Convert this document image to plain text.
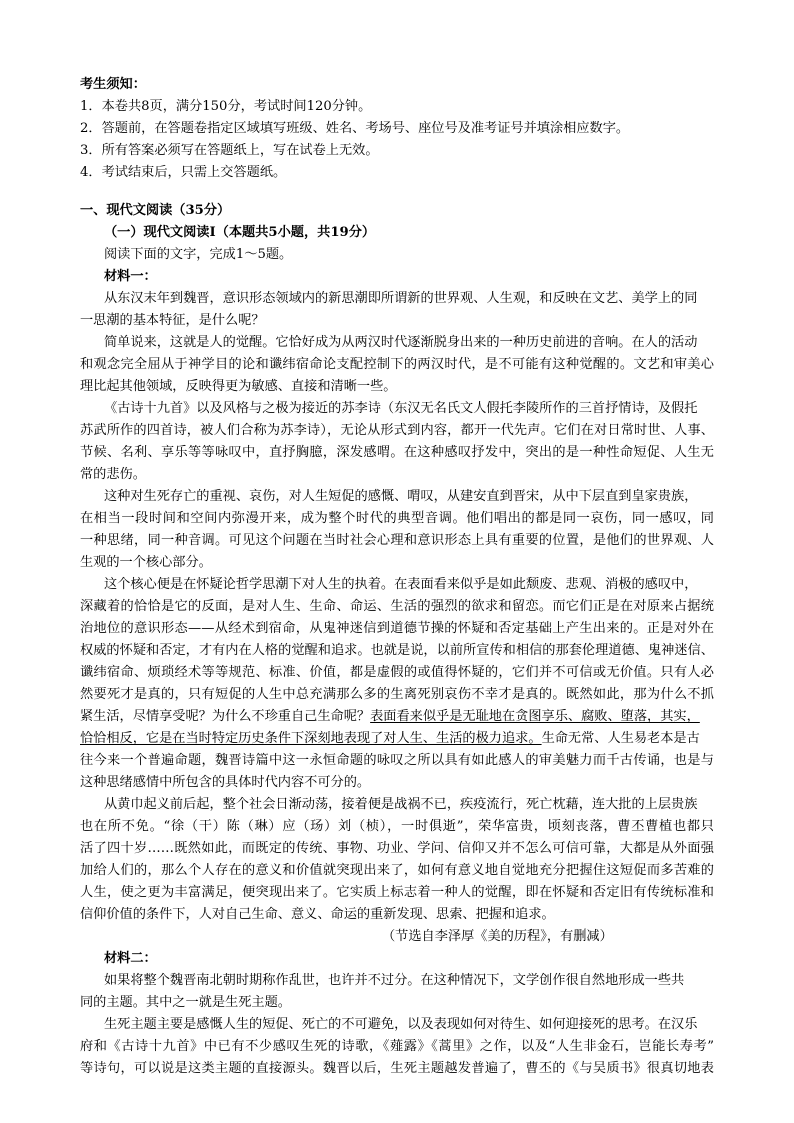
考生须知：
1．本卷共8页，满分150分，考试时间120分钟。
2．答题前，在答题卷指定区域填写班级、姓名、考场号、座位号及准考证号并填涂相应数字。
3．所有答案必须写在答题纸上，写在试卷上无效。
4．考试结束后，只需上交答题纸。
一、现代文阅读（35分）
（一）现代文阅读Ⅰ（本题共5小题，共19分）
阅读下面的文字，完成1～5题。
材料一：
从东汉末年到魏晋，意识形态领域内的新思潮即所谓新的世界观、人生观，和反映在文艺、美学上的同
一思潮的基本特征，是什么呢？
简单说来，这就是人的觉醒。它恰好成为从两汉时代逐渐脱身出来的一种历史前进的音响。在人的活动
和观念完全屈从于神学目的论和谶纬宿命论支配控制下的两汉时代，是不可能有这种觉醒的。文艺和审美心
理比起其他领域，反映得更为敏感、直接和清晰一些。
《古诗十九首》以及风格与之极为接近的苏李诗（东汉无名氏文人假托李陵所作的三首抒情诗，及假托
苏武所作的四首诗，被人们合称为苏李诗），无论从形式到内容，都开一代先声。它们在对日常时世、人事、
节候、名利、享乐等等咏叹中，直抒胸臆，深发感喟。在这种感叹抒发中，突出的是一种性命短促、人生无
常的悲伤。
这种对生死存亡的重视、哀伤，对人生短促的感慨、喟叹，从建安直到晋宋，从中下层直到皇家贵族，
在相当一段时间和空间内弥漫开来，成为整个时代的典型音调。他们唱出的都是同一哀伤，同一感叹，同
一种思绪，同一种音调。可见这个问题在当时社会心理和意识形态上具有重要的位置，是他们的世界观、人
生观的一个核心部分。
这个核心便是在怀疑论哲学思潮下对人生的执着。在表面看来似乎是如此颓废、悲观、消极的感叹中，
深藏着的恰恰是它的反面，是对人生、生命、命运、生活的强烈的欲求和留恋。而它们正是在对原来占据统
治地位的意识形态——从经术到宿命，从鬼神迷信到道德节操的怀疑和否定基础上产生出来的。正是对外在
权威的怀疑和否定，才有内在人格的觉醒和追求。也就是说，以前所宣传和相信的那套伦理道德、鬼神迷信、
谶纬宿命、烦琐经术等等规范、标准、价值，都是虚假的或值得怀疑的，它们并不可信或无价值。只有人必
然要死才是真的，只有短促的人生中总充满那么多的生离死别哀伤不幸才是真的。既然如此，那为什么不抓
紧生活，尽情享受呢？为什么不珍重自己生命呢？表面看来似乎是无耻地在贪图享乐、腐败、堕落，其实，
恰恰相反，它是在当时特定历史条件下深刻地表现了对人生、生活的极力追求。生命无常、人生易老本是古
往今来一个普遍命题，魏晋诗篇中这一永恒命题的咏叹之所以具有如此感人的审美魅力而千古传诵，也是与
这种思绪感情中所包含的具体时代内容不可分的。
从黄巾起义前后起，整个社会日渐动荡，接着便是战祸不已，疾疫流行，死亡枕藉，连大批的上层贵族
也在所不免。“徐（干）陈（琳）应（玚）刘（桢），一时俱逝”，荣华富贵，顷刻丧落，曹丕曹植也都只
活了四十岁……既然如此，而既定的传统、事物、功业、学问、信仰又并不怎么可信可靠，大都是从外面强
加给人们的，那么个人存在的意义和价值就突现出来了，如何有意义地自觉地充分把握住这短促而多苦难的
人生，使之更为丰富满足，便突现出来了。它实质上标志着一种人的觉醒，即在怀疑和否定旧有传统标准和
信仰价值的条件下，人对自己生命、意义、命运的重新发现、思索、把握和追求。
（节选自李泽厚《美的历程》，有删减）
材料二：
如果将整个魏晋南北朝时期称作乱世，也许并不过分。在这种情况下，文学创作很自然地形成一些共
同的主题。其中之一就是生死主题。
生死主题主要是感慨人生的短促、死亡的不可避免，以及表现如何对待生、如何迎接死的思考。在汉乐
府和《古诗十九首》中已有不少感叹生死的诗歌，《薤露》《蒿里》之作，以及“人生非金石，岂能长寿考”
等诗句，可以说是这类主题的直接源头。魏晋以后，生死主题越发普遍了，曹丕的《与吴质书》很真切地表
